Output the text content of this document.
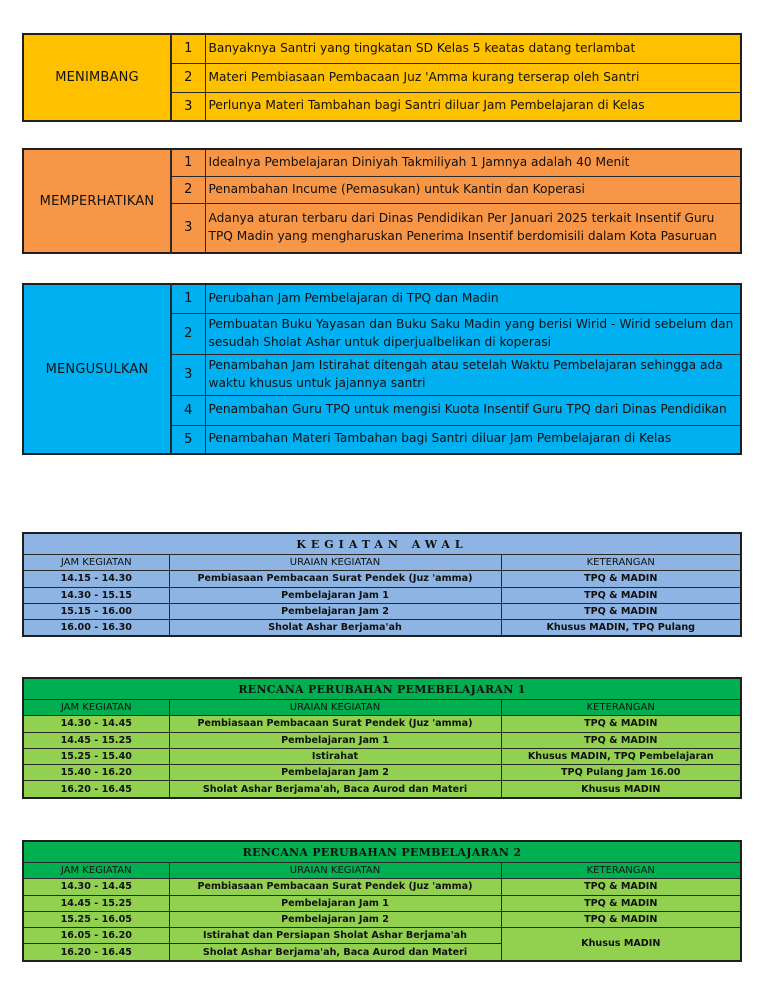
MENIMBANG	1	Banyaknya Santri yang tingkatan SD Kelas 5 keatas datang terlambat
	2	Materi Pembiasaan Pembacaan Juz 'Amma kurang terserap oleh Santri
	3	Perlunya Materi Tambahan bagi Santri diluar Jam Pembelajaran di Kelas
MEMPERHATIKAN	1	Idealnya Pembelajaran Diniyah Takmiliyah 1 Jamnya adalah 40 Menit
	2	Penambahan Incume (Pemasukan) untuk Kantin dan Koperasi
	3	Adanya aturan terbaru dari Dinas Pendidikan Per Januari 2025 terkait Insentif Guru TPQ Madin yang mengharuskan Penerima Insentif berdomisili dalam Kota Pasuruan
MENGUSULKAN	1	Perubahan Jam Pembelajaran di TPQ dan Madin
	2	Pembuatan Buku Yayasan dan Buku Saku Madin yang berisi Wirid - Wirid sebelum dan sesudah Sholat Ashar untuk diperjualbelikan di koperasi
	3	Penambahan Jam Istirahat ditengah atau setelah Waktu Pembelajaran sehingga ada waktu khusus untuk jajannya santri
	4	Penambahan Guru TPQ untuk mengisi Kuota Insentif Guru TPQ dari Dinas Pendidikan
	5	Penambahan Materi Tambahan bagi Santri diluar Jam Pembelajaran di Kelas
KEGIATAN AWAL		
JAM KEGIATAN	URAIAN KEGIATAN	KETERANGAN
14.15 - 14.30	Pembiasaan Pembacaan Surat Pendek (Juz 'amma)	TPQ & MADIN
14.30 - 15.15	Pembelajaran Jam 1	TPQ & MADIN
15.15 - 16.00	Pembelajaran Jam 2	TPQ & MADIN
16.00 - 16.30	Sholat Ashar Berjama'ah	Khusus MADIN, TPQ Pulang
RENCANA PERUBAHAN PEMEBELAJARAN 1		
JAM KEGIATAN	URAIAN KEGIATAN	KETERANGAN
14.30 - 14.45	Pembiasaan Pembacaan Surat Pendek (Juz 'amma)	TPQ & MADIN
14.45 - 15.25	Pembelajaran Jam 1	TPQ & MADIN
15.25 - 15.40	Istirahat	Khusus MADIN, TPQ Pembelajaran
15.40 - 16.20	Pembelajaran Jam 2	TPQ Pulang Jam 16.00
16.20 - 16.45	Sholat Ashar Berjama'ah, Baca Aurod dan Materi	Khusus MADIN
RENCANA PERUBAHAN PEMBELAJARAN 2		
JAM KEGIATAN	URAIAN KEGIATAN	KETERANGAN
14.30 - 14.45	Pembiasaan Pembacaan Surat Pendek (Juz 'amma)	TPQ & MADIN
14.45 - 15.25	Pembelajaran Jam 1	TPQ & MADIN
15.25 - 16.05	Pembelajaran Jam 2	TPQ & MADIN
16.05 - 16.20	Istirahat dan Persiapan Sholat Ashar Berjama'ah	Khusus MADIN
16.20 - 16.45	Sholat Ashar Berjama'ah, Baca Aurod dan Materi	
